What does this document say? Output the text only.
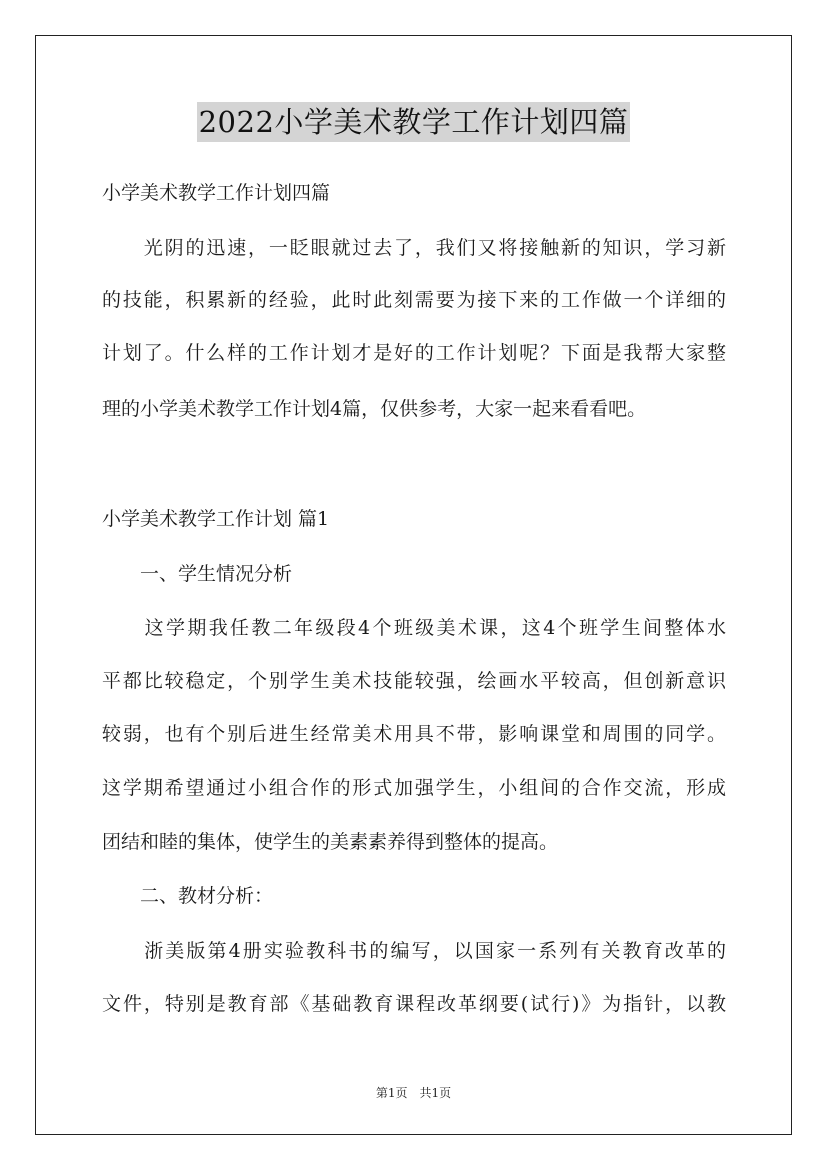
2022小学美术教学工作计划四篇
小学美术教学工作计划四篇
　　光阴的迅速，一眨眼就过去了，我们又将接触新的知识，学习新
的技能，积累新的经验，此时此刻需要为接下来的工作做一个详细的
计划了。什么样的工作计划才是好的工作计划呢？下面是我帮大家整
理的小学美术教学工作计划4篇，仅供参考，大家一起来看看吧。
小学美术教学工作计划 篇1
　　一、学生情况分析
　　这学期我任教二年级段4个班级美术课，这4个班学生间整体水
平都比较稳定，个别学生美术技能较强，绘画水平较高，但创新意识
较弱，也有个别后进生经常美术用具不带，影响课堂和周围的同学。
这学期希望通过小组合作的形式加强学生，小组间的合作交流，形成
团结和睦的集体，使学生的美素素养得到整体的提高。
　　二、教材分析：
　　浙美版第4册实验教科书的编写，以国家一系列有关教育改革的
文件，特别是教育部《基础教育课程改革纲要(试行)》为指针，以教
第1页　共1页
